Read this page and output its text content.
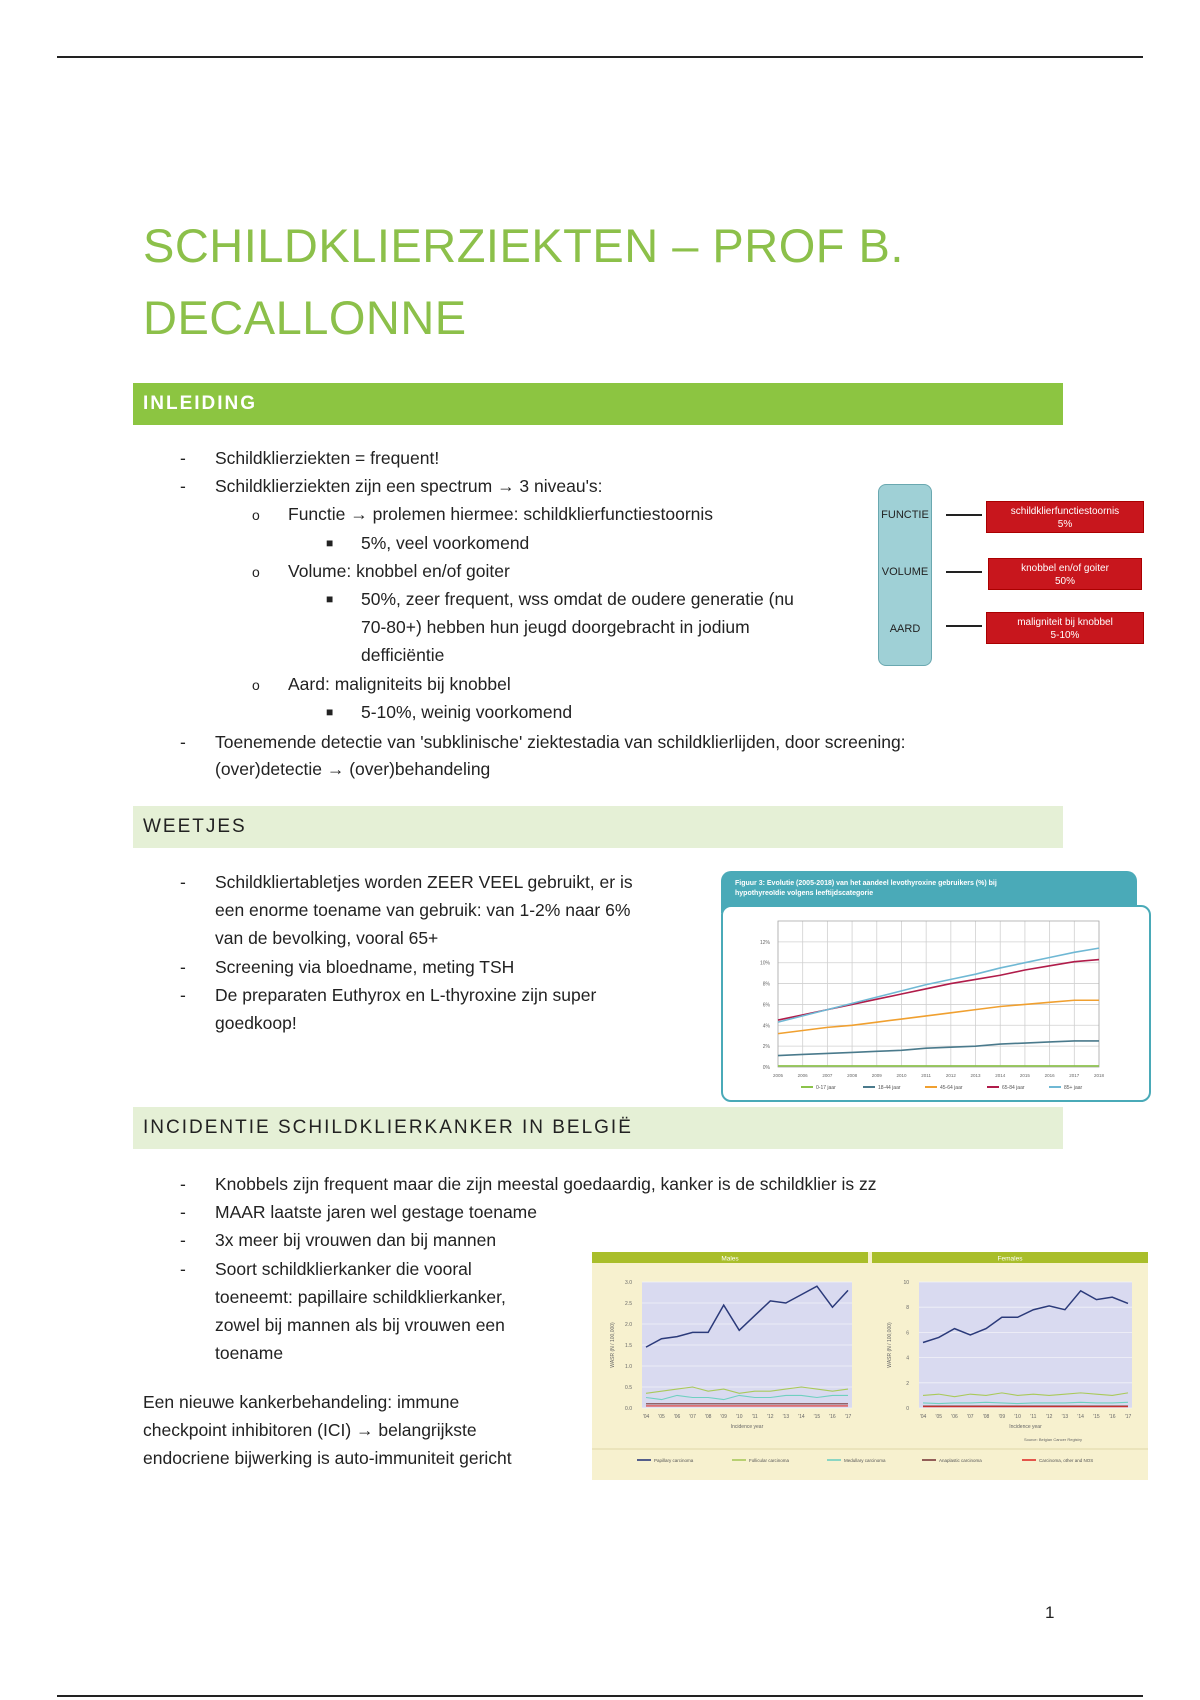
SCHILDKLIERZIEKTEN – PROF B.
DECALLONNE
INLEIDING
- Schildklierziekten = frequent!
- Schildklierziekten zijn een spectrum → 3 niveau's:
o Functie → prolemen hiermee: schildklierfunctiestoornis
■ 5%, veel voorkomend
o Volume: knobbel en/of goiter
■ 50%, zeer frequent, wss omdat de oudere generatie (nu
70-80+) hebben hun jeugd doorgebracht in jodium
defficiëntie
o Aard: maligniteits bij knobbel
■ 5-10%, weinig voorkomend
- Toenemende detectie van 'subklinische' ziektestadia van schildklierlijden, door screening:
(over)detectie → (over)behandeling
FUNCTIE
VOLUME
AARD
schildklierfunctiestoornis
5%
knobbel en/of goiter
50%
maligniteit bij knobbel
5-10%
WEETJES
- Schildkliertabletjes worden ZEER VEEL gebruikt, er is
een enorme toename van gebruik: van 1-2% naar 6%
van de bevolking, vooral 65+
- Screening via bloedname, meting TSH
- De preparaten Euthyrox en L-thyroxine zijn super
goedkoop!
Figuur 3: Evolutie (2005-2018) van het aandeel levothyroxine gebruikers (%) bij hypothyreoïdie volgens leeftijdscategorie
2005	2006	2007	2008	2009	2010	2011	2012	2013	2014	2015	2016	2017	2018
0%
2%
4%
6%
8%
10%
12%
0-17 jaar	18-44 jaar	45-64 jaar	65-84 jaar	85+ jaar
INCIDENTIE SCHILDKLIERKANKER IN BELGIË
- Knobbels zijn frequent maar die zijn meestal goedaardig, kanker is de schildklier is zz
- MAAR laatste jaren wel gestage toename
- 3x meer bij vrouwen dan bij mannen
- Soort schildklierkanker die vooral
toeneemt: papillaire schildklierkanker,
zowel bij mannen als bij vrouwen een
toename
Een nieuwe kankerbehandeling: immune
checkpoint inhibitoren (ICI) → belangrijkste
endocriene bijwerking is auto-immuniteit gericht
Males
0.0
0.5
1.0
1.5
2.0
2.5
3.0
'04 '05 '06 '07 '08 '09 '10 '11 '12 '13 '14 '15 '16 '17
Incidence year
WASR (N / 100,000)
Females
0
2
4
6
8
10
'04 '05 '06 '07 '08 '09 '10 '11 '12 '13 '14 '15 '16 '17
Incidence year
WASR (N / 100,000)
Source: Belgian Cancer Registry
Papillary carcinoma	Follicular carcinoma	Medullary carcinoma	Anaplastic carcinoma	Carcinoma, other and NOS
1
